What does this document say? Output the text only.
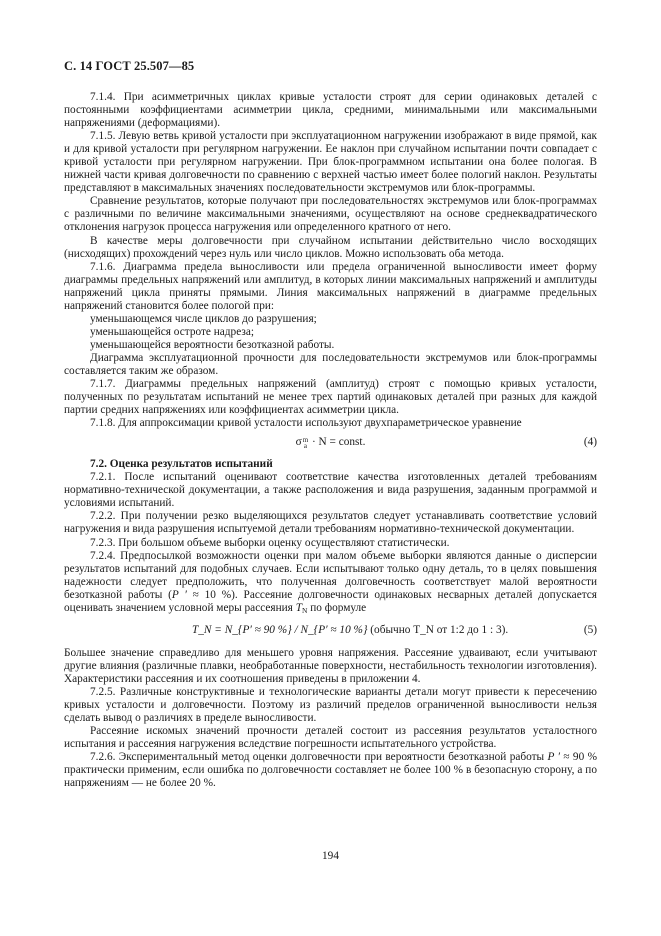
С. 14 ГОСТ 25.507—85

7.1.4. При асимметричных циклах кривые усталости строят для серии одинаковых деталей с постоянными коэффициентами асимметрии цикла, средними, минимальными или максимальными напряжениями (деформациями).

7.1.5. Левую ветвь кривой усталости при эксплуатационном нагружении изображают в виде прямой, как и для кривой усталости при регулярном нагружении. Ее наклон при случайном испытании почти совпадает с кривой усталости при регулярном нагружении. При блок-программном испытании она более пологая. В нижней части кривая долговечности по сравнению с верхней частью имеет более пологий наклон. Результаты представляют в максимальных значениях последовательности экстремумов или блок-программы.

Сравнение результатов, которые получают при последовательностях экстремумов или блок-программах с различными по величине максимальными значениями, осуществляют на основе среднеквадратического отклонения нагрузок процесса нагружения или определенного кратного от него.

В качестве меры долговечности при случайном испытании действительно число восходящих (нисходящих) прохождений через нуль или число циклов. Можно использовать оба метода.

7.1.6. Диаграмма предела выносливости или предела ограниченной выносливости имеет форму диаграммы предельных напряжений или амплитуд, в которых линии максимальных напряжений и амплитуды напряжений цикла приняты прямыми. Линия максимальных напряжений в диаграмме предельных напряжений становится более пологой при:

уменьшающемся числе циклов до разрушения;

уменьшающейся остроте надреза;

уменьшающейся вероятности безотказной работы.

Диаграмма эксплуатационной прочности для последовательности экстремумов или блок-программы составляется таким же образом.

7.1.7. Диаграммы предельных напряжений (амплитуд) строят с помощью кривых усталости, полученных по результатам испытаний не менее трех партий одинаковых деталей при разных для каждой партии средних напряжениях или коэффициентах асимметрии цикла.

7.1.8. Для аппроксимации кривой усталости используют двухпараметрическое уравнение

σ m
a · N = const.	(4)

7.2. Оценка результатов испытаний

7.2.1. После испытаний оценивают соответствие качества изготовленных деталей требованиям нормативно-технической документации, а также расположения и вида разрушения, заданным программой и условиями испытаний.

7.2.2. При получении резко выделяющихся результатов следует устанавливать соответствие условий нагружения и вида разрушения испытуемой детали требованиям нормативно-технической документации.

7.2.3. При большом объеме выборки оценку осуществляют статистически.

7.2.4. Предпосылкой возможности оценки при малом объеме выборки являются данные о дисперсии результатов испытаний для подобных случаев. Если испытывают только одну деталь, то в целях повышения надежности следует предположить, что полученная долговечность соответствует малой вероятности безотказной работы (P ′ ≈ 10 %). Рассеяние долговечности одинаковых несварных деталей допускается оценивать значением условной меры рассеяния $T_N$ по формуле

T_N = N_{P′ ≈ 90 %} / N_{P′ ≈ 10 %} (обычно T_N от 1:2 до 1 : 3).	(5)

Большее значение справедливо для меньшего уровня напряжения. Рассеяние удваивают, если учитывают другие влияния (различные плавки, необработанные поверхности, нестабильность технологии изготовления). Характеристики рассеяния и их соотношения приведены в приложении 4.

7.2.5. Различные конструктивные и технологические варианты детали могут привести к пересечению кривых усталости и долговечности. Поэтому из различий пределов ограниченной выносливости нельзя сделать вывод о различиях в пределе выносливости.

Рассеяние искомых значений прочности деталей состоит из рассеяния результатов усталостного испытания и рассеяния нагружения вследствие погрешности испытательного устройства.

7.2.6. Экспериментальный метод оценки долговечности при вероятности безотказной работы P ′ ≈ 90 % практически применим, если ошибка по долговечности составляет не более 100 % в безопасную сторону, а по напряжениям — не более 20 %.

194
